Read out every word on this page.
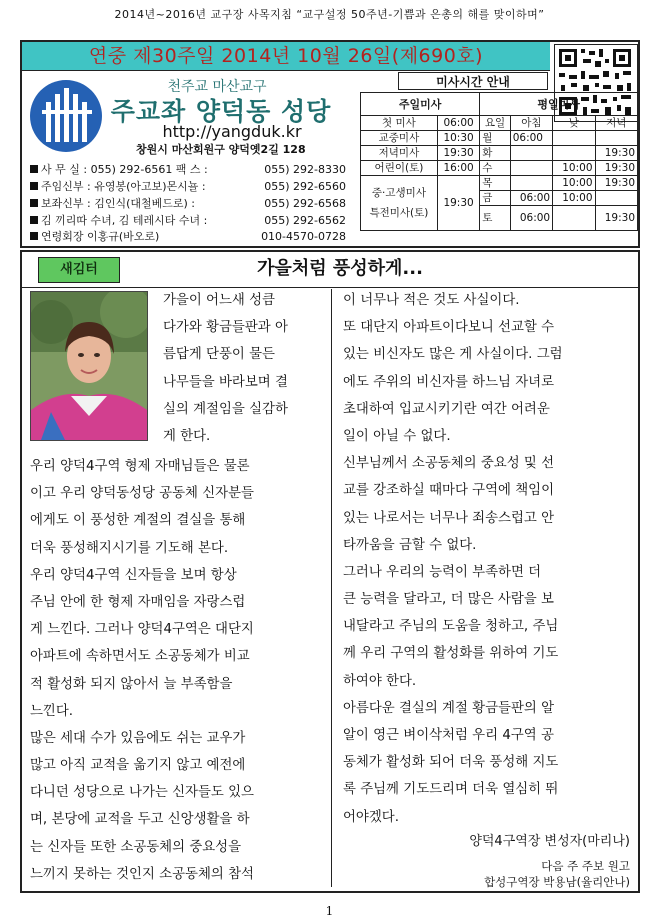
2014년~2016년 교구장 사목지침 “교구설정 50주년-기쁨과 은총의 해를 맞이하며”
연중 제30주일 2014년 10월 26일(제690호)
천주교 마산교구
주교좌 양덕동 성당
http://yangduk.kr
창원시 마산회원구 양덕옛2길 128
사 무 실 : 055) 292-6561 팩 스 :	055) 292-8330
주임신부 : 유영봉(아고보)몬시뇰 :	055) 292-6560
보좌신부 : 김인식(대철베드로) :	055) 292-6568
김 끼리따 수녀, 김 테레시타 수녀 :	055) 292-6562
연령회장 이홍규(바오로)	010-4570-0728
미사시간 안내
주일미사		평일미사			
첫 미사	06:00	요일	아침	낮	저녁
교중미사	10:30	월	06:00		
저녁미사	19:30	화			19:30
어린이(토)	16:00	수		10:00	19:30
중·고생미사
특전미사(토)	19:30	목		10:00	19:30
		금	06:00	10:00	
		토	06:00		19:30
새김터	가을처럼 풍성하게...
가을이 어느새 성큼
다가와 황금들판과 아
름답게 단풍이 물든
나무들을 바라보며 결
실의 계절임을 실감하
게 한다.
우리 양덕4구역 형제 자매님들은 물론
이고 우리 양덕동성당 공동체 신자분들
에게도 이 풍성한 계절의 결실을 통해
더욱 풍성해지시기를 기도해 본다.
우리 양덕4구역 신자들을 보며 항상
주님 안에 한 형제 자매임을 자랑스럽
게 느낀다. 그러나 양덕4구역은 대단지
아파트에 속하면서도 소공동체가 비교
적 활성화 되지 않아서 늘 부족함을
느낀다.
많은 세대 수가 있음에도 쉬는 교우가
많고 아직 교적을 옮기지 않고 예전에
다니던 성당으로 나가는 신자들도 있으
며, 본당에 교적을 두고 신앙생활을 하
는 신자들 또한 소공동체의 중요성을
느끼지 못하는 것인지 소공동체의 참석
이 너무나 적은 것도 사실이다.
또 대단지 아파트이다보니 선교할 수
있는 비신자도 많은 게 사실이다. 그럼
에도 주위의 비신자를 하느님 자녀로
초대하여 입교시키기란 여간 어려운
일이 아닐 수 없다.
신부님께서 소공동체의 중요성 및 선
교를 강조하실 때마다 구역에 책임이
있는 나로서는 너무나 죄송스럽고 안
타까움을 금할 수 없다.
그러나 우리의 능력이 부족하면 더
큰 능력을 달라고, 더 많은 사람을 보
내달라고 주님의 도움을 청하고, 주님
께 우리 구역의 활성화를 위하여 기도
하여야 한다.
아름다운 결실의 계절 황금들판의 알
알이 영근 벼이삭처럼 우리 4구역 공
동체가 활성화 되어 더욱 풍성해 지도
록 주님께 기도드리며 더욱 열심히 뛰
어야겠다.
양덕4구역장 변성자(마리나)
다음 주 주보 원고
합성구역장 박용남(율리안나)
1
